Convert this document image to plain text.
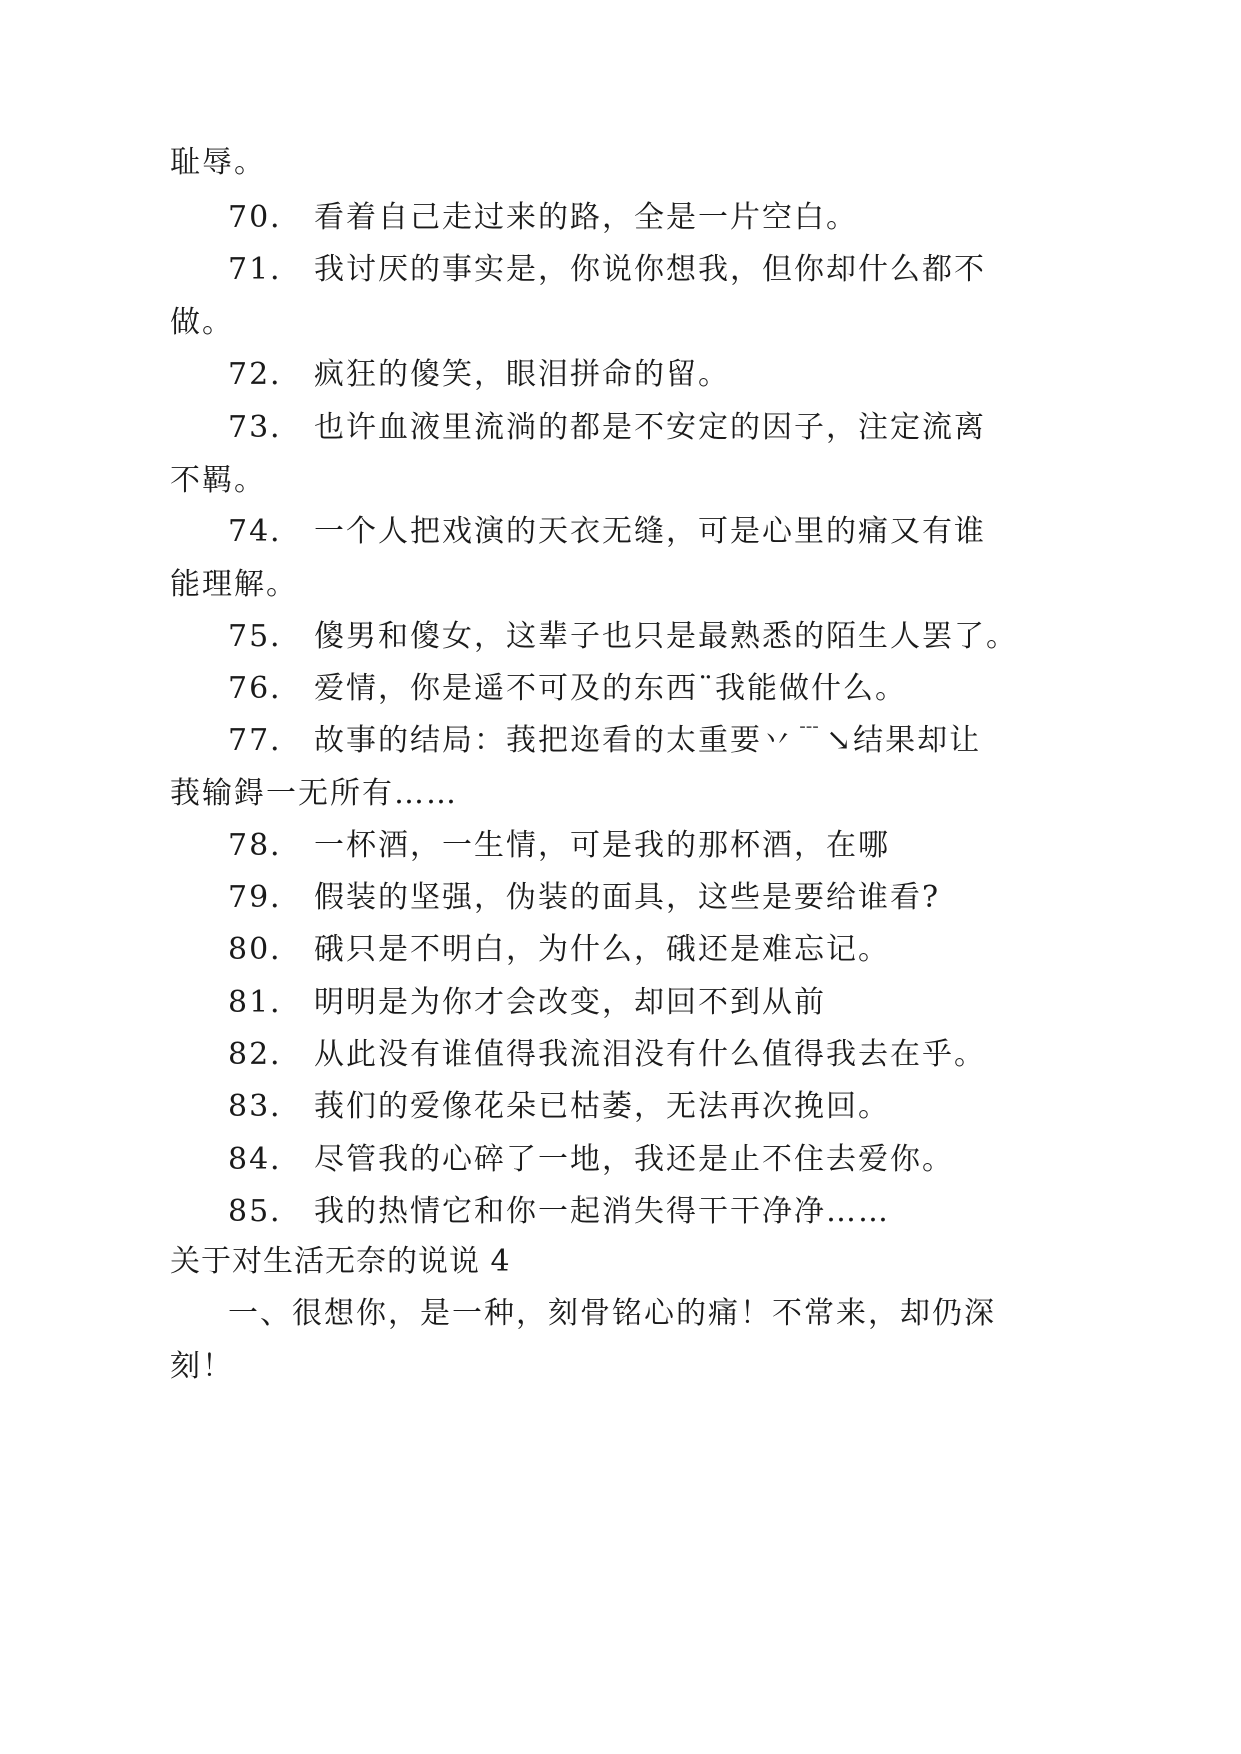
耻辱。
70． 看着自己走过来的路，全是一片空白。
71． 我讨厌的事实是，你说你想我，但你却什么都不
做。
72． 疯狂的傻笑，眼泪拼命的留。
73． 也许血液里流淌的都是不安定的因子，注定流离
不羁。
74． 一个人把戏演的天衣无缝，可是心里的痛又有谁
能理解。
75． 傻男和傻女，这辈子也只是最熟悉的陌生人罢了。
76． 爱情，你是遥不可及的东西¨我能做什么。
77． 故事的结局：莪把迩看的太重要丷﹉↘结果却让
莪输鍀一无所有……
78． 一杯酒，一生情，可是我的那杯酒，在哪
79． 假装的坚强，伪装的面具，这些是要给谁看?
80． 硪只是不明白，为什么，硪还是难忘记。
81． 明明是为你才会改变，却回不到从前
82． 从此没有谁值得我流泪没有什么值得我去在乎。
83． 莪们的爱像花朵已枯萎，无法再次挽回。
84． 尽管我的心碎了一地，我还是止不住去爱你。
85． 我的热情它和你一起消失得干干净净……
关于对生活无奈的说说 4
一、很想你，是一种，刻骨铭心的痛！不常来，却仍深
刻！
